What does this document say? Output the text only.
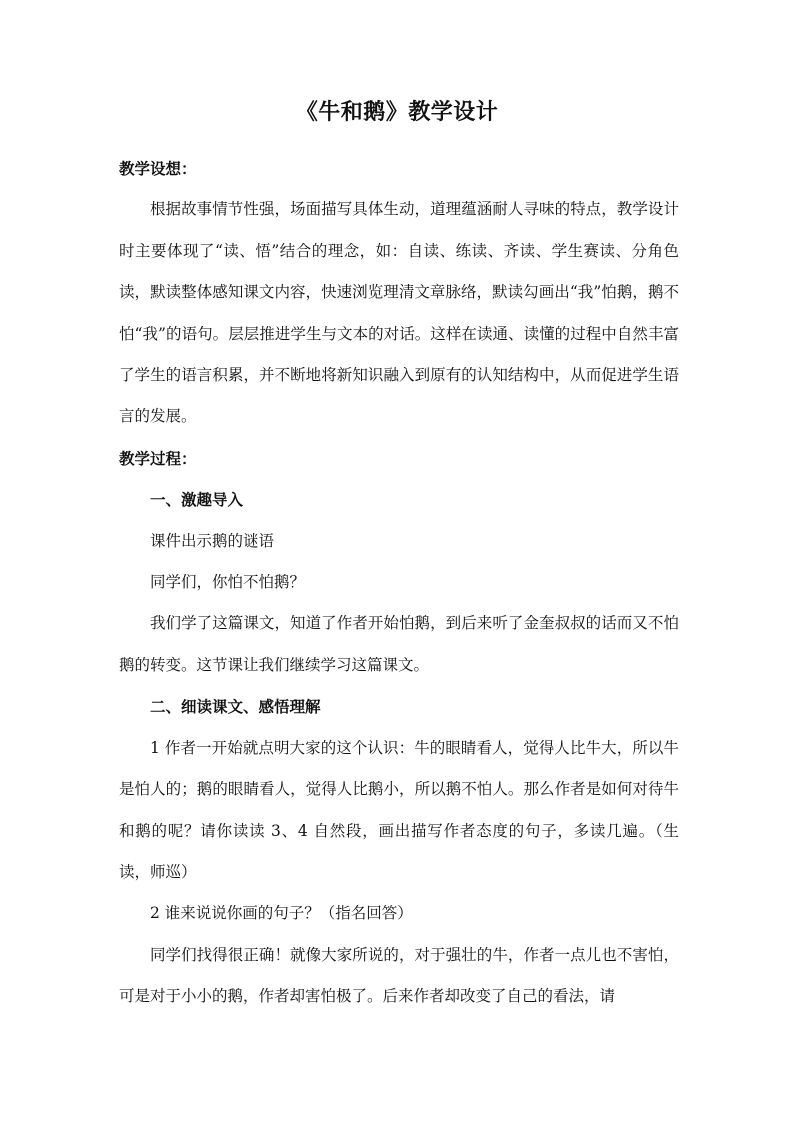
《牛和鹅》教学设计

教学设想：

根据故事情节性强，场面描写具体生动，道理蕴涵耐人寻味的特点，教学设计时主要体现了“读、悟”结合的理念，如：自读、练读、齐读、学生赛读、分角色读，默读整体感知课文内容，快速浏览理清文章脉络，默读勾画出“我”怕鹅，鹅不怕“我”的语句。层层推进学生与文本的对话。这样在读通、读懂的过程中自然丰富了学生的语言积累，并不断地将新知识融入到原有的认知结构中，从而促进学生语言的发展。

教学过程：

一、激趣导入

课件出示鹅的谜语

同学们，你怕不怕鹅？

我们学了这篇课文，知道了作者开始怕鹅，到后来听了金奎叔叔的话而又不怕鹅的转变。这节课让我们继续学习这篇课文。

二、细读课文、感悟理解

1 作者一开始就点明大家的这个认识：牛的眼睛看人，觉得人比牛大，所以牛是怕人的；鹅的眼睛看人，觉得人比鹅小，所以鹅不怕人。那么作者是如何对待牛和鹅的呢？请你读读 3、4 自然段，画出描写作者态度的句子，多读几遍。（生读，师巡）

2 谁来说说你画的句子？（指名回答）

同学们找得很正确！就像大家所说的，对于强壮的牛，作者一点儿也不害怕，可是对于小小的鹅，作者却害怕极了。后来作者却改变了自己的看法，请
